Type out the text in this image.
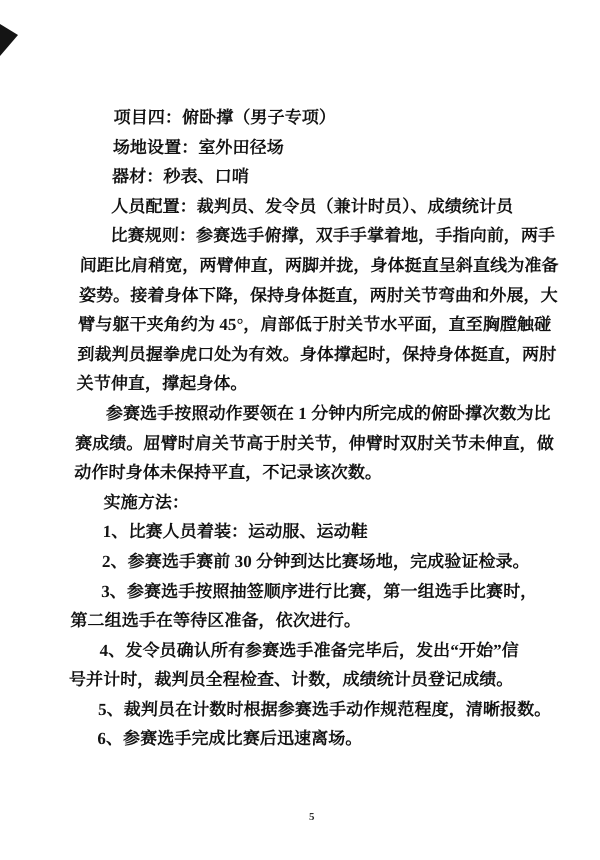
项目四：俯卧撑（男子专项）
场地设置：室外田径场
器材：秒表、口哨
人员配置：裁判员、发令员（兼计时员）、成绩统计员
比赛规则：参赛选手俯撑，双手手掌着地，手指向前，两手
间距比肩稍宽，两臂伸直，两脚并拢，身体挺直呈斜直线为准备
姿势。接着身体下降，保持身体挺直，两肘关节弯曲和外展，大
臂与躯干夹角约为 45°，肩部低于肘关节水平面，直至胸膛触碰
到裁判员握拳虎口处为有效。身体撑起时，保持身体挺直，两肘
关节伸直，撑起身体。
参赛选手按照动作要领在 1 分钟内所完成的俯卧撑次数为比
赛成绩。屈臂时肩关节高于肘关节，伸臂时双肘关节未伸直，做
动作时身体未保持平直，不记录该次数。
实施方法：
1、比赛人员着装：运动服、运动鞋
2、参赛选手赛前 30 分钟到达比赛场地，完成验证检录。
3、参赛选手按照抽签顺序进行比赛，第一组选手比赛时，
第二组选手在等待区准备，依次进行。
4、发令员确认所有参赛选手准备完毕后，发出“开始”信
号并计时，裁判员全程检查、计数，成绩统计员登记成绩。
5、裁判员在计数时根据参赛选手动作规范程度，清晰报数。
6、参赛选手完成比赛后迅速离场。
5
